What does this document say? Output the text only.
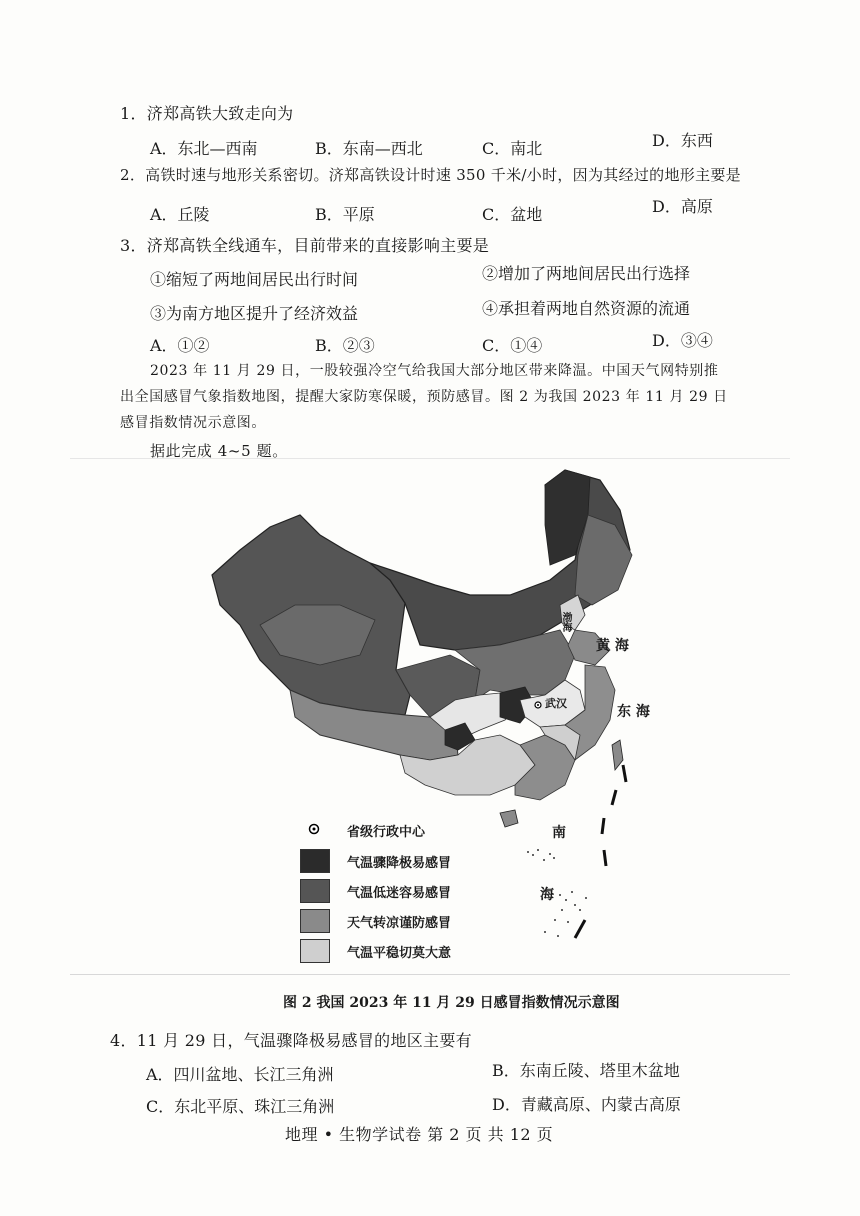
1．济郑高铁大致走向为
A．东北—西南	B．东南—西北	C．南北	D．东西
2．高铁时速与地形关系密切。济郑高铁设计时速 350 千米/小时，因为其经过的地形主要是
A．丘陵	B．平原	C．盆地	D．高原
3．济郑高铁全线通车，目前带来的直接影响主要是
①缩短了两地间居民出行时间	②增加了两地间居民出行选择
③为南方地区提升了经济效益	④承担着两地自然资源的流通
A．①②	B．②③	C．①④	D．③④
2023 年 11 月 29 日，一股较强冷空气给我国大部分地区带来降温。中国天气网特别推
出全国感冒气象指数地图，提醒大家防寒保暖，预防感冒。图 2 为我国 2023 年 11 月 29 日
感冒指数情况示意图。
据此完成 4~5 题。
黄 海
东 海
南
海
渤海
武汉
省级行政中心
气温骤降极易感冒
气温低迷容易感冒
天气转凉谨防感冒
气温平稳切莫大意
图 2 我国 2023 年 11 月 29 日感冒指数情况示意图
4．11 月 29 日，气温骤降极易感冒的地区主要有
A．四川盆地、长江三角洲	B．东南丘陵、塔里木盆地
C．东北平原、珠江三角洲	D．青藏高原、内蒙古高原
地理 • 生物学试卷 第 2 页 共 12 页
